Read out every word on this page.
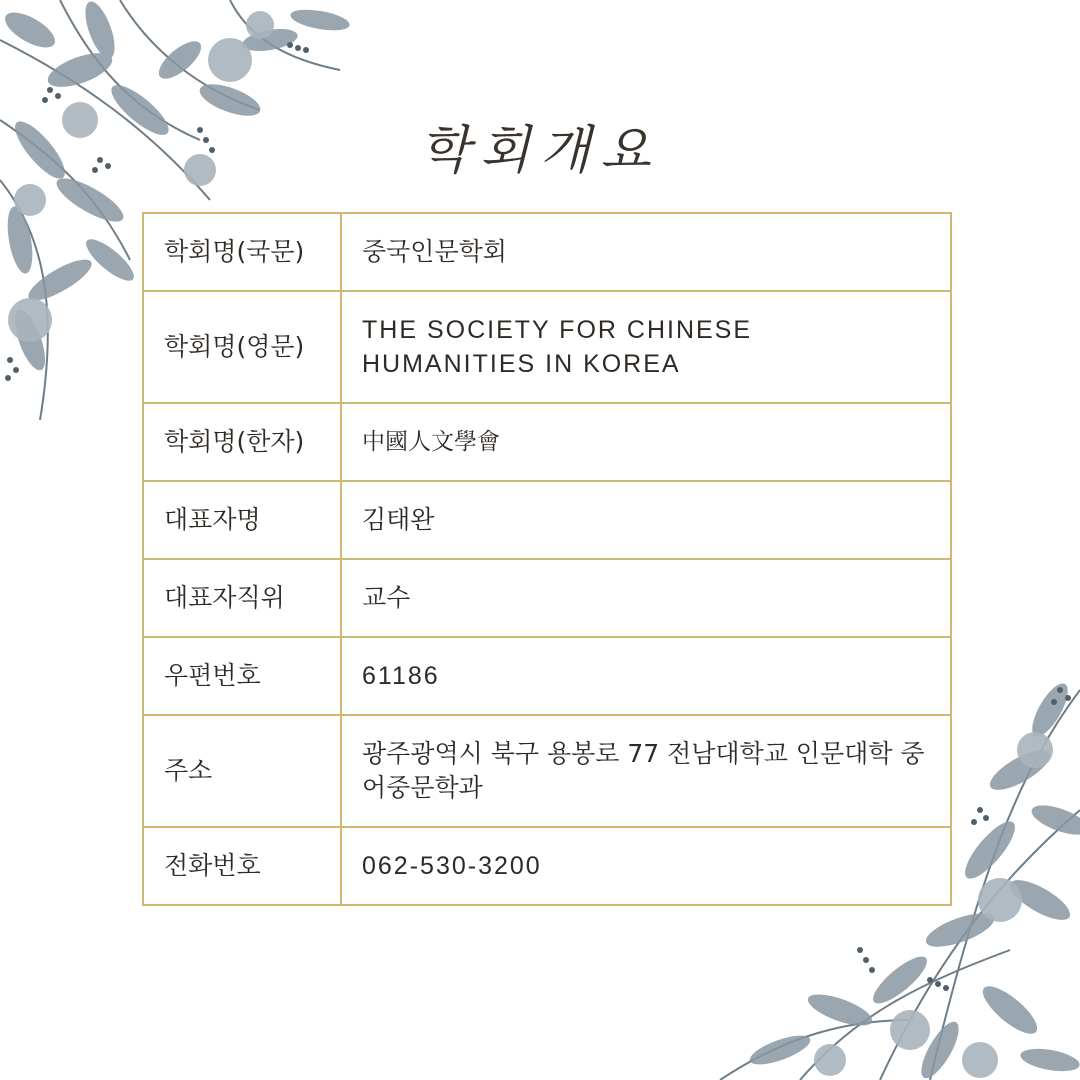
학회개요
학회명(국문)	중국인문학회
학회명(영문)	THE SOCIETY FOR CHINESE HUMANITIES IN KOREA
학회명(한자)	中國人文學會
대표자명	김태완
대표자직위	교수
우편번호	61186
주소	광주광역시 북구 용봉로 77 전남대학교 인문대학 중어중문학과
전화번호	062-530-3200
